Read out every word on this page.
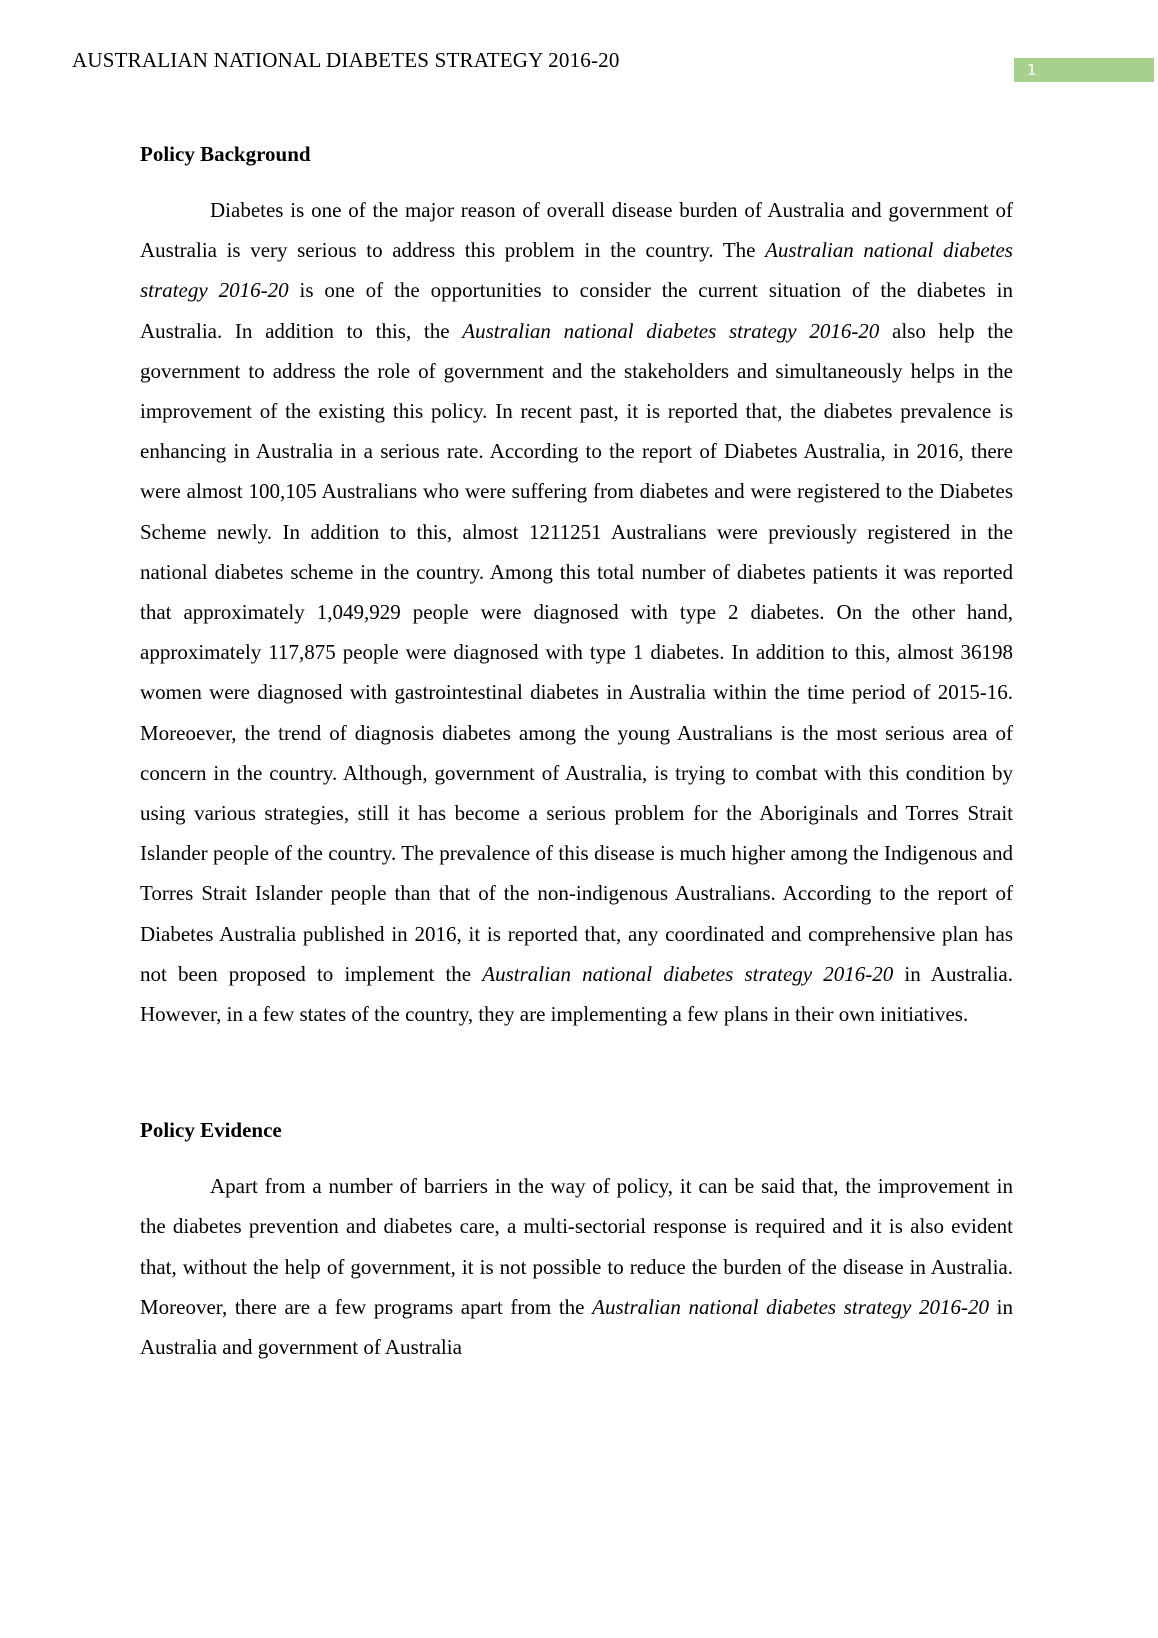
AUSTRALIAN NATIONAL DIABETES STRATEGY 2016-20	1
Policy Background

Diabetes is one of the major reason of overall disease burden of Australia and government of Australia is very serious to address this problem in the country. The Australian national diabetes strategy 2016-20 is one of the opportunities to consider the current situation of the diabetes in Australia. In addition to this, the Australian national diabetes strategy 2016-20 also help the government to address the role of government and the stakeholders and simultaneously helps in the improvement of the existing this policy. In recent past, it is reported that, the diabetes prevalence is enhancing in Australia in a serious rate. According to the report of Diabetes Australia, in 2016, there were almost 100,105 Australians who were suffering from diabetes and were registered to the Diabetes Scheme newly. In addition to this, almost 1211251 Australians were previously registered in the national diabetes scheme in the country. Among this total number of diabetes patients it was reported that approximately 1,049,929 people were diagnosed with type 2 diabetes. On the other hand, approximately 117,875 people were diagnosed with type 1 diabetes. In addition to this, almost 36198 women were diagnosed with gastrointestinal diabetes in Australia within the time period of 2015-16. Moreoever, the trend of diagnosis diabetes among the young Australians is the most serious area of concern in the country. Although, government of Australia, is trying to combat with this condition by using various strategies, still it has become a serious problem for the Aboriginals and Torres Strait Islander people of the country. The prevalence of this disease is much higher among the Indigenous and Torres Strait Islander people than that of the non-indigenous Australians. According to the report of Diabetes Australia published in 2016, it is reported that, any coordinated and comprehensive plan has not been proposed to implement the Australian national diabetes strategy 2016-20 in Australia. However, in a few states of the country, they are implementing a few plans in their own initiatives.

Policy Evidence

Apart from a number of barriers in the way of policy, it can be said that, the improvement in the diabetes prevention and diabetes care, a multi-sectorial response is required and it is also evident that, without the help of government, it is not possible to reduce the burden of the disease in Australia. Moreover, there are a few programs apart from the Australian national diabetes strategy 2016-20 in Australia and government of Australia
